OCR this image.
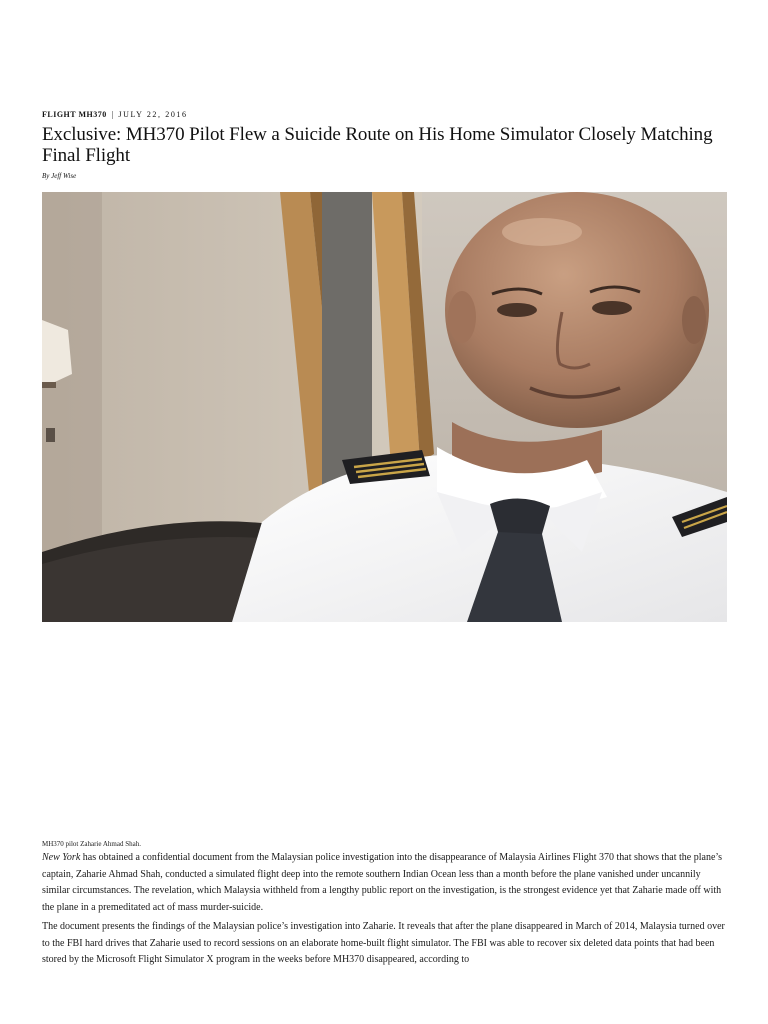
FLIGHT MH370 | JULY 22, 2016
Exclusive: MH370 Pilot Flew a Suicide Route on His Home Simulator Closely Matching Final Flight
By Jeff Wise
MH370 pilot Zaharie Ahmad Shah.

New York has obtained a confidential document from the Malaysian police investigation into the disappearance of Malaysia Airlines Flight 370 that shows that the plane’s captain, Zaharie Ahmad Shah, conducted a simulated flight deep into the remote southern Indian Ocean less than a month before the plane vanished under uncannily similar circumstances. The revelation, which Malaysia withheld from a lengthy public report on the investigation, is the strongest evidence yet that Zaharie made off with the plane in a premeditated act of mass murder-suicide.

The document presents the findings of the Malaysian police’s investigation into Zaharie. It reveals that after the plane disappeared in March of 2014, Malaysia turned over to the FBI hard drives that Zaharie used to record sessions on an elaborate home-built flight simulator. The FBI was able to recover six deleted data points that had been stored by the Microsoft Flight Simulator X program in the weeks before MH370 disappeared, according to
